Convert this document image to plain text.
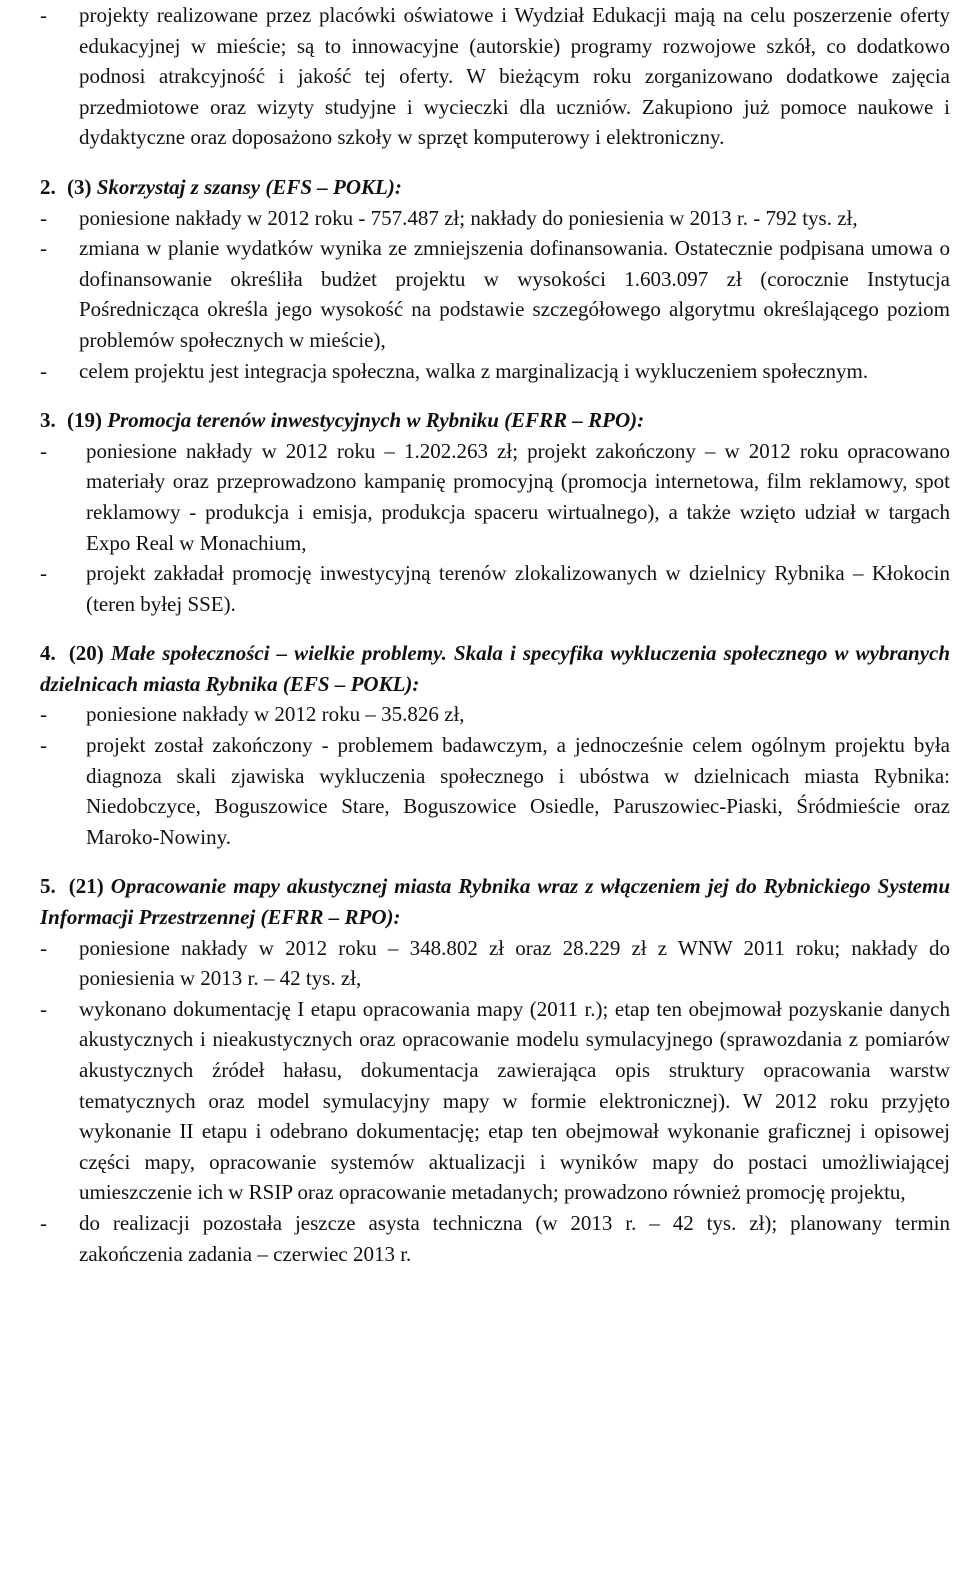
- projekty realizowane przez placówki oświatowe i Wydział Edukacji mają na celu poszerzenie oferty edukacyjnej w mieście; są to innowacyjne (autorskie) programy rozwojowe szkół, co dodatkowo podnosi atrakcyjność i jakość tej oferty. W bieżącym roku zorganizowano dodatkowe zajęcia przedmiotowe oraz wizyty studyjne i wycieczki dla uczniów. Zakupiono już pomoce naukowe i dydaktyczne oraz doposażono szkoły w sprzęt komputerowy i elektroniczny.
2. (3) Skorzystaj z szansy (EFS – POKL):
- poniesione nakłady w 2012 roku - 757.487 zł; nakłady do poniesienia w 2013 r. - 792 tys. zł,
- zmiana w planie wydatków wynika ze zmniejszenia dofinansowania. Ostatecznie podpisana umowa o dofinansowanie określiła budżet projektu w wysokości 1.603.097 zł (corocznie Instytucja Pośrednicząca określa jego wysokość na podstawie szczegółowego algorytmu określającego poziom problemów społecznych w mieście),
- celem projektu jest integracja społeczna, walka z marginalizacją i wykluczeniem społecznym.
3. (19) Promocja terenów inwestycyjnych w Rybniku (EFRR – RPO):
- poniesione nakłady w 2012 roku – 1.202.263 zł; projekt zakończony – w 2012 roku opracowano materiały oraz przeprowadzono kampanię promocyjną (promocja internetowa, film reklamowy, spot reklamowy - produkcja i emisja, produkcja spaceru wirtualnego), a także wzięto udział w targach Expo Real w Monachium,
- projekt zakładał promocję inwestycyjną terenów zlokalizowanych w dzielnicy Rybnika – Kłokocin (teren byłej SSE).
4. (20) Małe społeczności – wielkie problemy. Skala i specyfika wykluczenia społecznego w wybranych dzielnicach miasta Rybnika (EFS – POKL):
- poniesione nakłady w 2012 roku – 35.826 zł,
- projekt został zakończony - problemem badawczym, a jednocześnie celem ogólnym projektu była diagnoza skali zjawiska wykluczenia społecznego i ubóstwa w dzielnicach miasta Rybnika: Niedobczyce, Boguszowice Stare, Boguszowice Osiedle, Paruszowiec-Piaski, Śródmieście oraz Maroko-Nowiny.
5. (21) Opracowanie mapy akustycznej miasta Rybnika wraz z włączeniem jej do Rybnickiego Systemu Informacji Przestrzennej (EFRR – RPO):
- poniesione nakłady w 2012 roku – 348.802 zł oraz 28.229 zł z WNW 2011 roku; nakłady do poniesienia w 2013 r. – 42 tys. zł,
- wykonano dokumentację I etapu opracowania mapy (2011 r.); etap ten obejmował pozyskanie danych akustycznych i nieakustycznych oraz opracowanie modelu symulacyjnego (sprawozdania z pomiarów akustycznych źródeł hałasu, dokumentacja zawierająca opis struktury opracowania warstw tematycznych oraz model symulacyjny mapy w formie elektronicznej). W 2012 roku przyjęto wykonanie II etapu i odebrano dokumentację; etap ten obejmował wykonanie graficznej i opisowej części mapy, opracowanie systemów aktualizacji i wyników mapy do postaci umożliwiającej umieszczenie ich w RSIP oraz opracowanie metadanych; prowadzono również promocję projektu,
- do realizacji pozostała jeszcze asysta techniczna (w 2013 r. – 42 tys. zł); planowany termin zakończenia zadania – czerwiec 2013 r.
